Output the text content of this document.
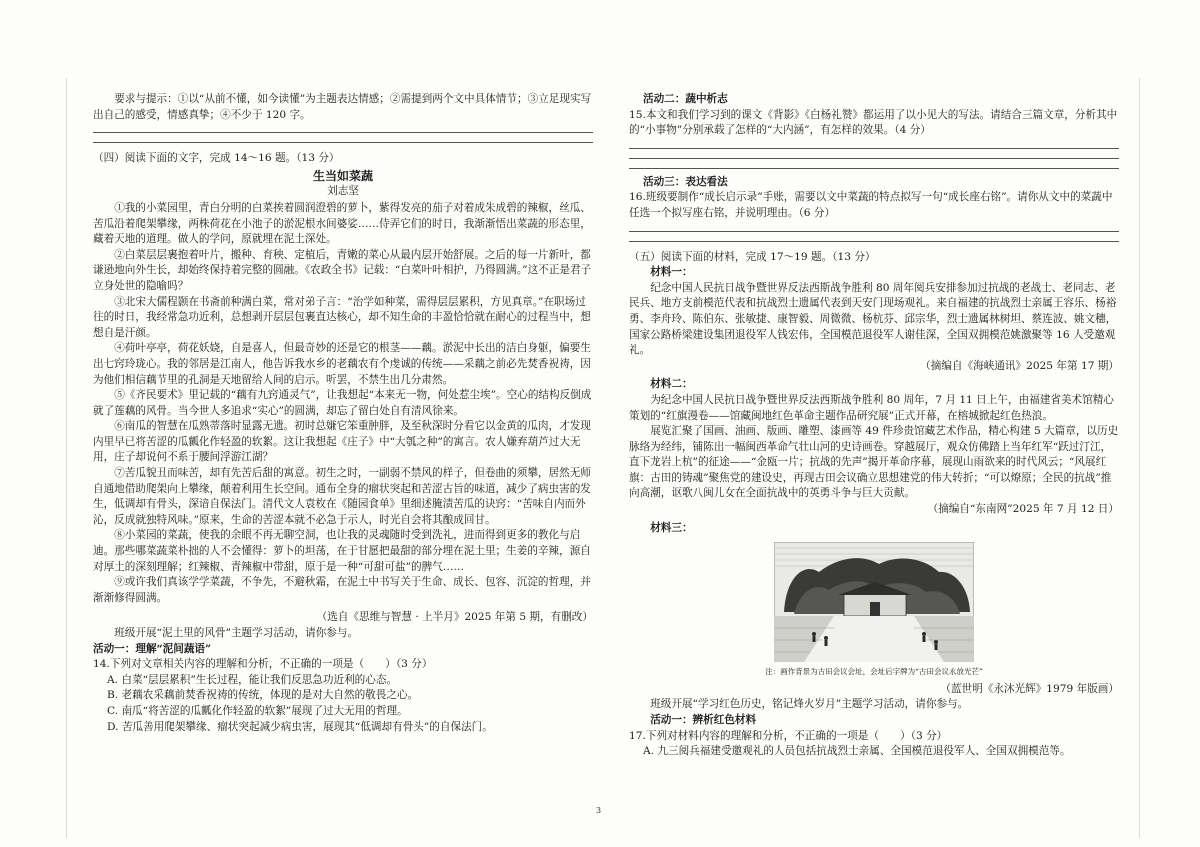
要求与提示：①以“从前不懂，如今读懂”为主题表达情感；②需提到两个文中具体情节；③立足现实写出自己的感受，情感真挚；④不少于 120 字。

（四）阅读下面的文字，完成 14～16 题。（13 分）

生当如菜蔬

刘志坚

①我的小菜园里，青白分明的白菜挨着圆润澄碧的萝卜，紫得发亮的茄子对着成朱成碧的辣椒，丝瓜、苦瓜沿着爬架攀缘，两株荷花在小池子的淤泥根水间婆娑……侍弄它们的时日，我渐渐悟出菜蔬的形态里，藏着天地的道理。做人的学问，原就埋在泥土深处。

②白菜层层裹抱着叶片，搬种、育秧、定植后，青嫩的菜心从最内层开始舒展。之后的每一片新叶，都谦逊地向外生长，却始终保持着完整的圆融。《农政全书》记载：“白菜叶叶相护，乃得圆满。”这不正是君子立身处世的隐喻吗？

③北宋大儒程颢在书斋前种满白菜，常对弟子言：“治学如种菜，需得层层累积，方见真章。”在职场过往的时日，我经常急功近利，总想剥开层层包裹直达核心，却不知生命的丰盈恰恰就在耐心的过程当中，想想自是汗颜。

④荷叶亭亭，荷花妖娆，自是喜人，但最奇妙的还是它的根茎——藕。淤泥中长出的洁白身躯，偏要生出七窍玲珑心。我的邻居是江南人，他告诉我水乡的老藕农有个虔诚的传统——采藕之前必先焚香祝祷，因为他们相信藕节里的孔洞是天地留给人间的启示。听罢，不禁生出几分肃然。

⑤《齐民要术》里记载的“藕有九窍通灵气”，让我想起“本来无一物，何处惹尘埃”。空心的结构反倒成就了莲藕的风骨。当今世人多追求“实心”的圆满，却忘了留白处自有清风徐来。

⑥南瓜的智慧在瓜熟蒂落时显露无遗。初时总嫌它笨重肿胖，及至秋深时分看它以金黄的瓜肉，才发现内里早已将苦涩的瓜瓤化作轻盈的软絮。这让我想起《庄子》中“大瓠之种”的寓言。农人嫌弃葫芦过大无用，庄子却说何不系于腰间浮游江湖？

⑦苦瓜貌丑而味苦，却有先苦后甜的寓意。初生之时，一副弱不禁风的样子，但卷曲的须攀，居然无师自通地借助爬架向上攀缘，颠着利用生长空间。通布全身的瘤状突起和苦涩古旨的味道，减少了病虫害的发生，低调却有骨头，深谙自保法门。清代文人袁枚在《随园食单》里细述腌渍苦瓜的诀窍：“苦味自内而外沁，反成就独特风味。”原来，生命的苦涩本就不必急于示人，时光自会将其酿成回甘。

⑧小菜园的菜蔬，使我的余眼不再无聊空洞，也让我的灵魂随时受到洗礼，进而得到更多的教化与启迪。那些哪菜蔬菜朴拙的人不会懂得：萝卜的坦荡，在于甘愿把最甜的部分埋在泥土里；生姜的辛辣，源自对厚土的深刻理解；红辣椒、青辣椒中带甜，原于是一种“可甜可盐”的脾气……

⑨或许我们真该学学菜蔬，不争先，不避秋霜，在泥土中书写关于生命、成长、包容、沉淀的哲理，并渐渐修得圆满。

（选自《思维与智慧 · 上半月》2025 年第 5 期，有删改）

班级开展“泥土里的风骨”主题学习活动，请你参与。

活动一：理解“泥间蔬语”

14.下列对文章相关内容的理解和分析，不正确的一项是（　　）（3 分）

A. 白菜“层层累积”生长过程，能让我们反思急功近利的心态。

B. 老藕农采藕前焚香祝祷的传统，体现的是对大自然的敬畏之心。

C. 南瓜“将苦涩的瓜瓤化作轻盈的软絮”展现了过大无用的哲理。

D. 苦瓜善用爬架攀缘、瘤状突起减少病虫害，展现其“低调却有骨头”的自保法门。

活动二：蔬中析志

15.本文和我们学习到的课文《背影》《白杨礼赞》都运用了以小见大的写法。请结合三篇文章，分析其中的“小事物”分别承载了怎样的“大内涵”，有怎样的效果。（4 分）

活动三：表达看法

16.班级要制作“成长启示录”手账，需要以文中菜蔬的特点拟写一句“成长座右铭”。请你从文中的菜蔬中任选一个拟写座右铭，并说明理由。（6 分）

（五）阅读下面的材料，完成 17～19 题。（13 分）

材料一：

纪念中国人民抗日战争暨世界反法西斯战争胜利 80 周年阅兵安排参加过抗战的老战士、老同志、老民兵、地方支前模范代表和抗战烈士遗属代表到天安门现场观礼。来自福建的抗战烈士亲属王容乐、杨裕勇、李舟玲、陈伯东、张敏捷、康智毅、周微微、杨杭芬、邱宗华，烈士遗属林树坦、蔡连波、姚文穗，国家公路桥梁建设集团退役军人钱宏伟，全国模范退役军人谢佳深，全国双拥模范姚激聚等 16 人受邀观礼。

（摘编自《海峡通讯》2025 年第 17 期）

材料二：

为纪念中国人民抗日战争暨世界反法西斯战争胜利 80 周年，7 月 11 日上午，由福建省美术馆精心策划的“红旗漫卷——馆藏闽地红色革命主题作品研究展”正式开幕，在榕城掀起红色热浪。

展览汇聚了国画、油画、版画、雕塑、漆画等 49 件珍贵馆藏艺术作品，精心构建 5 大篇章，以历史脉络为经纬，铺陈出一幅闽西革命气壮山河的史诗画卷。穿越展厅，观众仿佛踏上当年红军“跃过汀江，直下龙岩上杭”的征途——“金瓯一片；抗战的先声”揭开革命序幕，展现山雨欲来的时代风云；“风展红旗：古田的铸魂”聚焦党的建设史，再现古田会议确立思想建党的伟大转折；“可以燎原；全民的抗战”推向高潮，讴歌八闽儿女在全面抗战中的英勇斗争与巨大贡献。

（摘编自“东南网”2025 年 7 月 12 日）

材料三：

注：画作背景为古田会议会址，会址后字牌为“古田会议永放光芒”

（蓝世明《永沐光辉》1979 年版画）

班级开展“学习红色历史，铭记烽火岁月”主题学习活动，请你参与。

活动一：辨析红色材料

17.下列对材料内容的理解和分析，不正确的一项是（　　）（3 分）

A. 九三阅兵福建受邀观礼的人员包括抗战烈士亲属、全国模范退役军人、全国双拥模范等。

3
